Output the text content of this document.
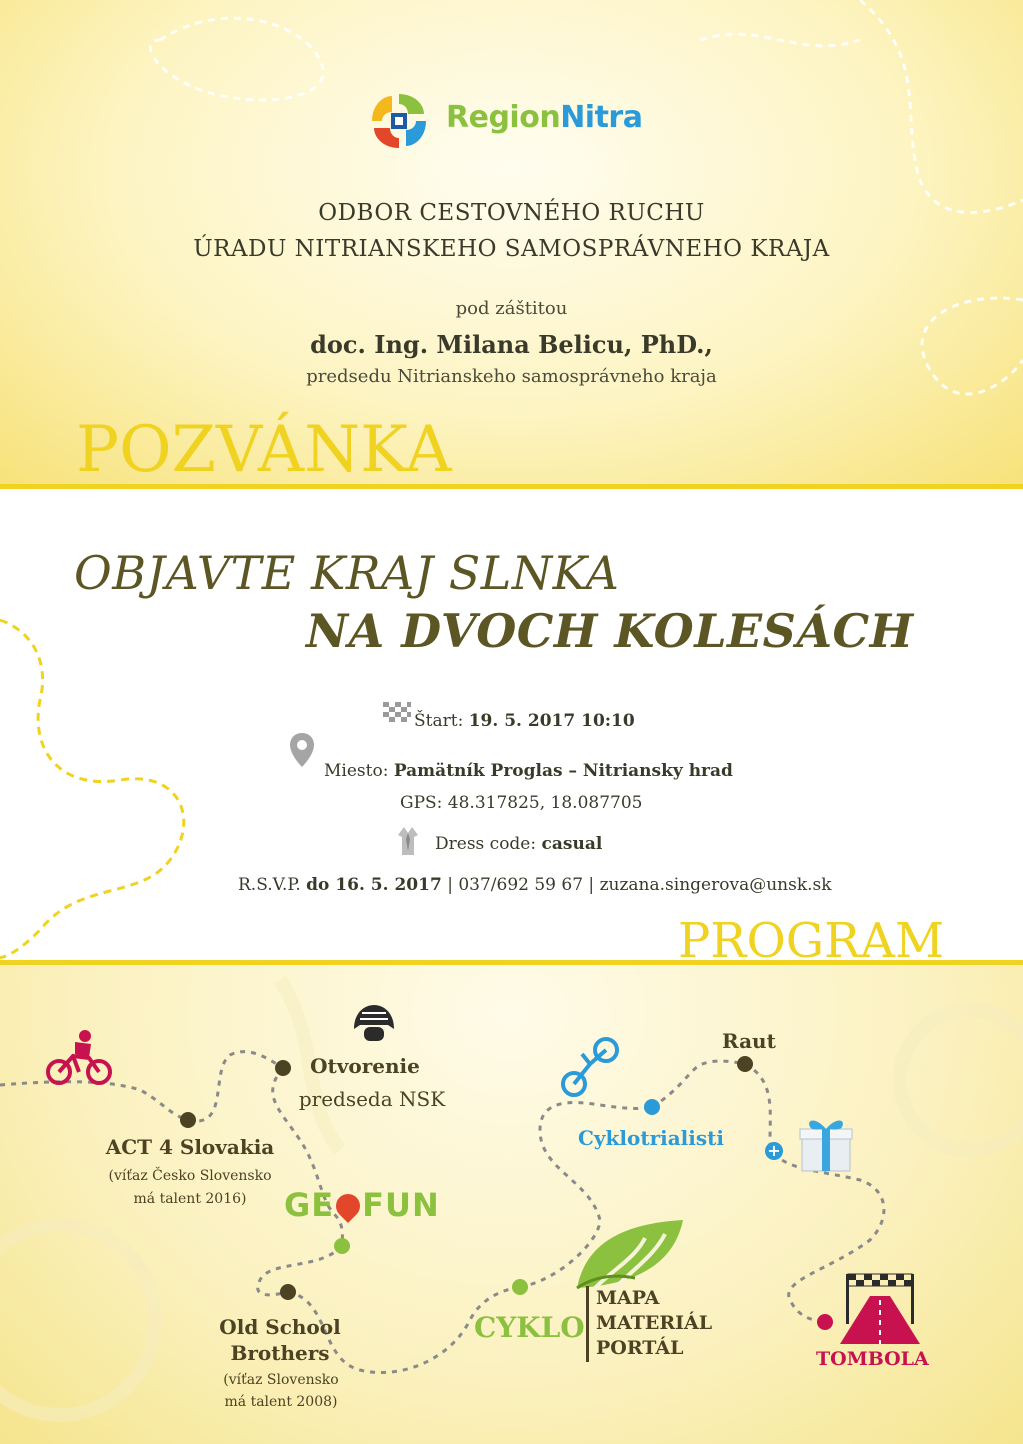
RegionNitra
ODBOR CESTOVNÉHO RUCHU
ÚRADU NITRIANSKEHO SAMOSPRÁVNEHO KRAJA
pod záštitou
doc. Ing. Milana Belicu, PhD.,
predsedu Nitrianskeho samosprávneho kraja
POZVÁNKA
OBJAVTE KRAJ SLNKA
NA DVOCH KOLESÁCH
Štart: 19. 5. 2017 10:10
Miesto: Pamätník Proglas – Nitriansky hrad
GPS: 48.317825, 18.087705
Dress code: casual
R.S.V.P. do 16. 5. 2017 | 037/692 59 67 | zuzana.singerova@unsk.sk
PROGRAM
Otvorenie
predseda NSK
ACT 4 Slovakia
(víťaz Česko Slovensko
má talent 2016)	GE FUN
Old School
Brothers
(víťaz Slovensko
má talent 2008)
CYKLO
MAPA
MATERIÁL
PORTÁL
Cyklotrialisti
Raut
+
TOMBOLA
